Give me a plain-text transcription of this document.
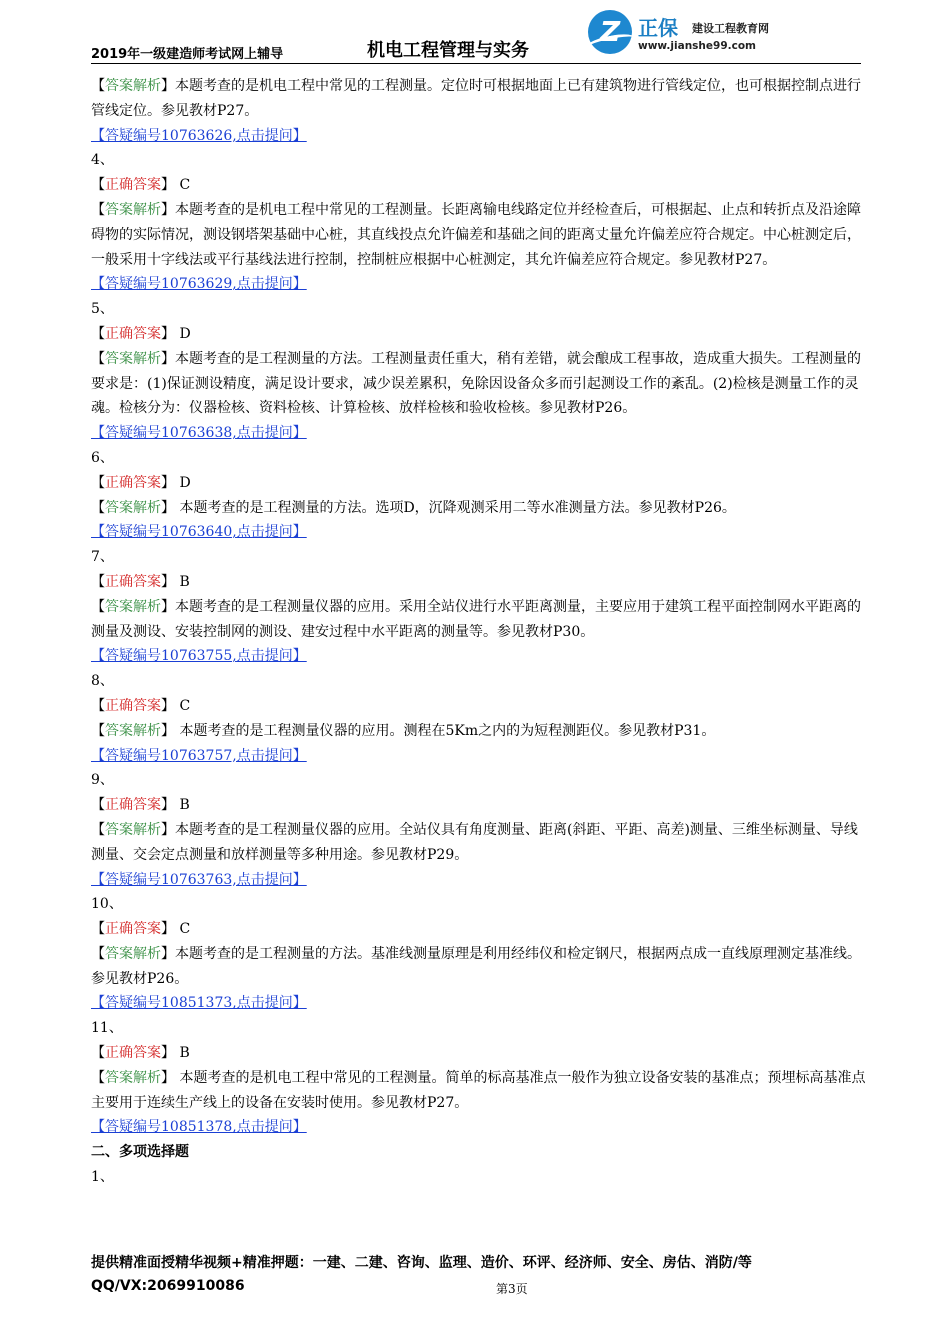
2019年一级建造师考试网上辅导	机电工程管理与实务
Z 正保 建设工程教育网
www.jianshe99.com

【答案解析】本题考查的是机电工程中常见的工程测量。定位时可根据地面上已有建筑物进行管线定位，也可根据控制点进行管线定位。参见教材P27。

【答疑编号10763626,点击提问】

4、

【正确答案】 C

【答案解析】本题考查的是机电工程中常见的工程测量。长距离输电线路定位并经检查后，可根据起、止点和转折点及沿途障碍物的实际情况，测设钢塔架基础中心桩，其直线投点允许偏差和基础之间的距离丈量允许偏差应符合规定。中心桩测定后，一般采用十字线法或平行基线法进行控制，控制桩应根据中心桩测定，其允许偏差应符合规定。参见教材P27。

【答疑编号10763629,点击提问】

5、

【正确答案】 D

【答案解析】本题考查的是工程测量的方法。工程测量责任重大，稍有差错，就会酿成工程事故，造成重大损失。工程测量的要求是：(1)保证测设精度，满足设计要求，减少误差累积，免除因设备众多而引起测设工作的紊乱。(2)检核是测量工作的灵魂。检核分为：仪器检核、资料检核、计算检核、放样检核和验收检核。参见教材P26。

【答疑编号10763638,点击提问】

6、

【正确答案】 D

【答案解析】 本题考查的是工程测量的方法。选项D，沉降观测采用二等水准测量方法。参见教材P26。

【答疑编号10763640,点击提问】

7、

【正确答案】 B

【答案解析】本题考查的是工程测量仪器的应用。采用全站仪进行水平距离测量，主要应用于建筑工程平面控制网水平距离的测量及测设、安装控制网的测设、建安过程中水平距离的测量等。参见教材P30。

【答疑编号10763755,点击提问】

8、

【正确答案】 C

【答案解析】 本题考查的是工程测量仪器的应用。测程在5Km之内的为短程测距仪。参见教材P31。

【答疑编号10763757,点击提问】

9、

【正确答案】 B

【答案解析】本题考查的是工程测量仪器的应用。全站仪具有角度测量、距离(斜距、平距、高差)测量、三维坐标测量、导线测量、交会定点测量和放样测量等多种用途。参见教材P29。

【答疑编号10763763,点击提问】

10、

【正确答案】 C

【答案解析】本题考查的是工程测量的方法。基准线测量原理是利用经纬仪和检定钢尺，根据两点成一直线原理测定基准线。参见教材P26。

【答疑编号10851373,点击提问】

11、

【正确答案】 B

【答案解析】 本题考查的是机电工程中常见的工程测量。简单的标高基准点一般作为独立设备安装的基准点；预埋标高基准点主要用于连续生产线上的设备在安装时使用。参见教材P27。

【答疑编号10851378,点击提问】

二、多项选择题

1、

提供精准面授精华视频+精准押题：一建、二建、咨询、监理、造价、环评、经济师、安全、房估、消防/等
QQ/VX:2069910086	第3页
